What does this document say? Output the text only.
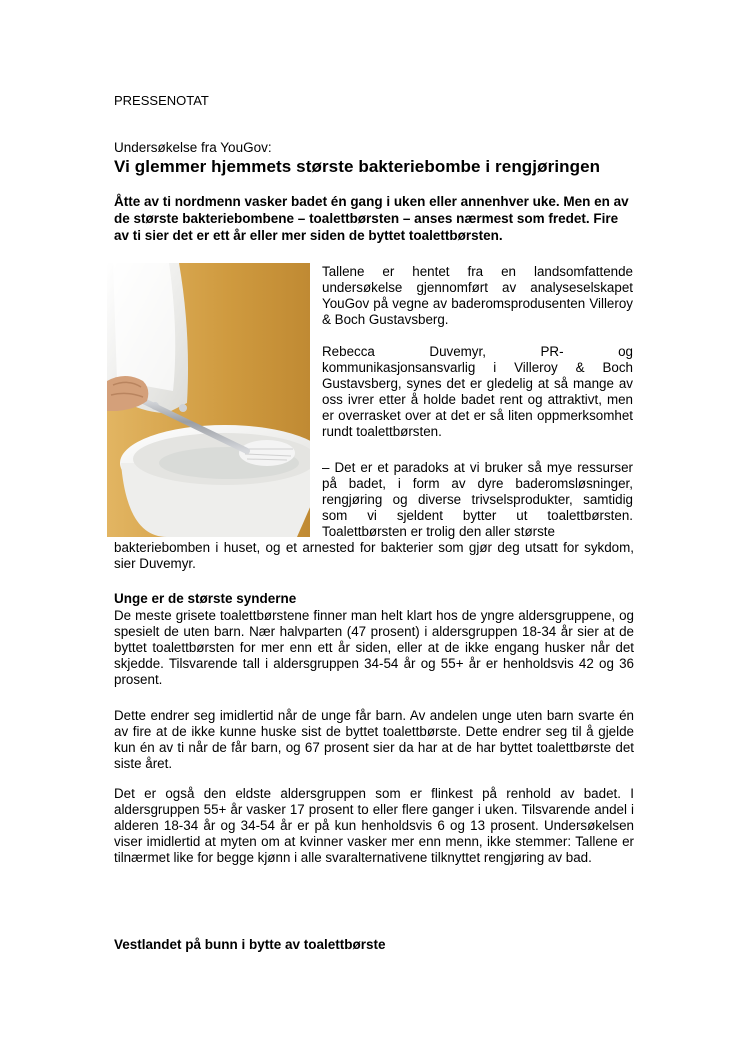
PRESSENOTAT
Undersøkelse fra YouGov:
Vi glemmer hjemmets største bakteriebombe i rengjøringen
Åtte av ti nordmenn vasker badet én gang i uken eller annenhver uke. Men en av de største bakteriebombene – toalettbørsten – anses nærmest som fredet. Fire av ti sier det er ett år eller mer siden de byttet toalettbørsten.
Tallene er hentet fra en landsomfattende undersøkelse gjennomført av analyseselskapet YouGov på vegne av baderomsprodusenten Villeroy & Boch Gustavsberg.
Rebecca Duvemyr, PR- og kommunikasjonsansvarlig i Villeroy & Boch Gustavsberg, synes det er gledelig at så mange av oss ivrer etter å holde badet rent og attraktivt, men er overrasket over at det er så liten oppmerksomhet rundt toalettbørsten.
– Det er et paradoks at vi bruker så mye ressurser på badet, i form av dyre baderomsløsninger, rengjøring og diverse trivselsprodukter, samtidig som vi sjeldent bytter ut toalettbørsten. Toalettbørsten er trolig den aller største
bakteriebomben i huset, og et arnested for bakterier som gjør deg utsatt for sykdom, sier Duvemyr.
Unge er de største synderne
De meste grisete toalettbørstene finner man helt klart hos de yngre aldersgruppene, og spesielt de uten barn. Nær halvparten (47 prosent) i aldersgruppen 18-34 år sier at de byttet toalettbørsten for mer enn ett år siden, eller at de ikke engang husker når det skjedde. Tilsvarende tall i aldersgruppen 34-54 år og 55+ år er henholdsvis 42 og 36 prosent.
Dette endrer seg imidlertid når de unge får barn. Av andelen unge uten barn svarte én av fire at de ikke kunne huske sist de byttet toalettbørste. Dette endrer seg til å gjelde kun én av ti når de får barn, og 67 prosent sier da har at de har byttet toalettbørste det siste året.
Det er også den eldste aldersgruppen som er flinkest på renhold av badet. I aldersgruppen 55+ år vasker 17 prosent to eller flere ganger i uken. Tilsvarende andel i alderen 18-34 år og 34-54 år er på kun henholdsvis 6 og 13 prosent. Undersøkelsen viser imidlertid at myten om at kvinner vasker mer enn menn, ikke stemmer: Tallene er tilnærmet like for begge kjønn i alle svaralternativene tilknyttet rengjøring av bad.
Vestlandet på bunn i bytte av toalettbørste
